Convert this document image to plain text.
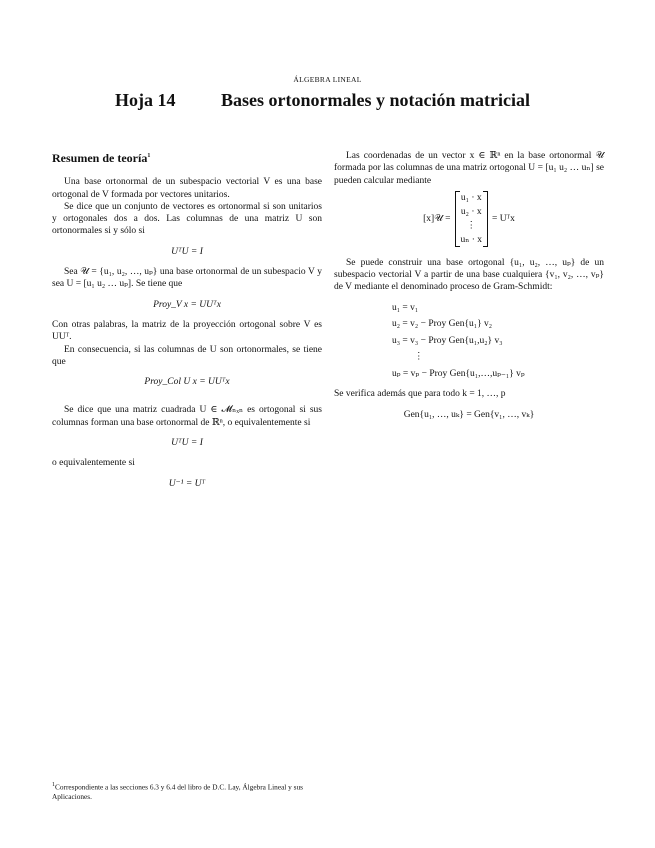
ÁLGEBRA LINEAL
Hoja 14	Bases ortonormales y notación matricial
Resumen de teoría$^1$

Una base ortonormal de un subespacio vectorial V es una base ortogonal de V formada por vectores unitarios.

Se dice que un conjunto de vectores es ortonormal si son unitarios y ortogonales dos a dos. Las columnas de una matriz U son ortonormales si y sólo si

UᵀU = I

Sea 𝒰 = {u₁, u₂, …, uₚ} una base ortonormal de un subespacio V y sea U = [u₁ u₂ … uₚ]. Se tiene que

Proy_V x = UUᵀx

Con otras palabras, la matriz de la proyección ortogonal sobre V es UUᵀ.

En consecuencia, si las columnas de U son ortonormales, se tiene que

Proy_Col U x = UUᵀx

Se dice que una matriz cuadrada U ∈ 𝓜ₙₓₙ es ortogonal si sus columnas forman una base ortonormal de ℝⁿ, o equivalentemente si

UᵀU = I

o equivalentemente si

U⁻¹ = Uᵀ

Las coordenadas de un vector x ∈ ℝⁿ en la base ortonormal 𝒰 formada por las columnas de una matriz ortogonal U = [u₁ u₂ … uₙ] se pueden calcular mediante

[x]𝒰 =
u₁ · x
u₂ · x
⋮
uₙ · x
= Uᵀx

Se puede construir una base ortogonal {u₁, u₂, …, uₚ} de un subespacio vectorial V a partir de una base cualquiera {v₁, v₂, …, vₚ} de V mediante el denominado proceso de Gram-Schmidt:

u₁ = v₁
u₂ = v₂ − Proy Gen{u₁} v₂
u₃ = v₃ − Proy Gen{u₁,u₂} v₃
⋮
uₚ = vₚ − Proy Gen{u₁,…,uₚ₋₁} vₚ

Se verifica además que para todo k = 1, …, p

Gen{u₁, …, uₖ} = Gen{v₁, …, vₖ}
$^1$Correspondiente a las secciones 6.3 y 6.4 del libro de D.C. Lay, Álgebra Lineal y sus Aplicaciones.
